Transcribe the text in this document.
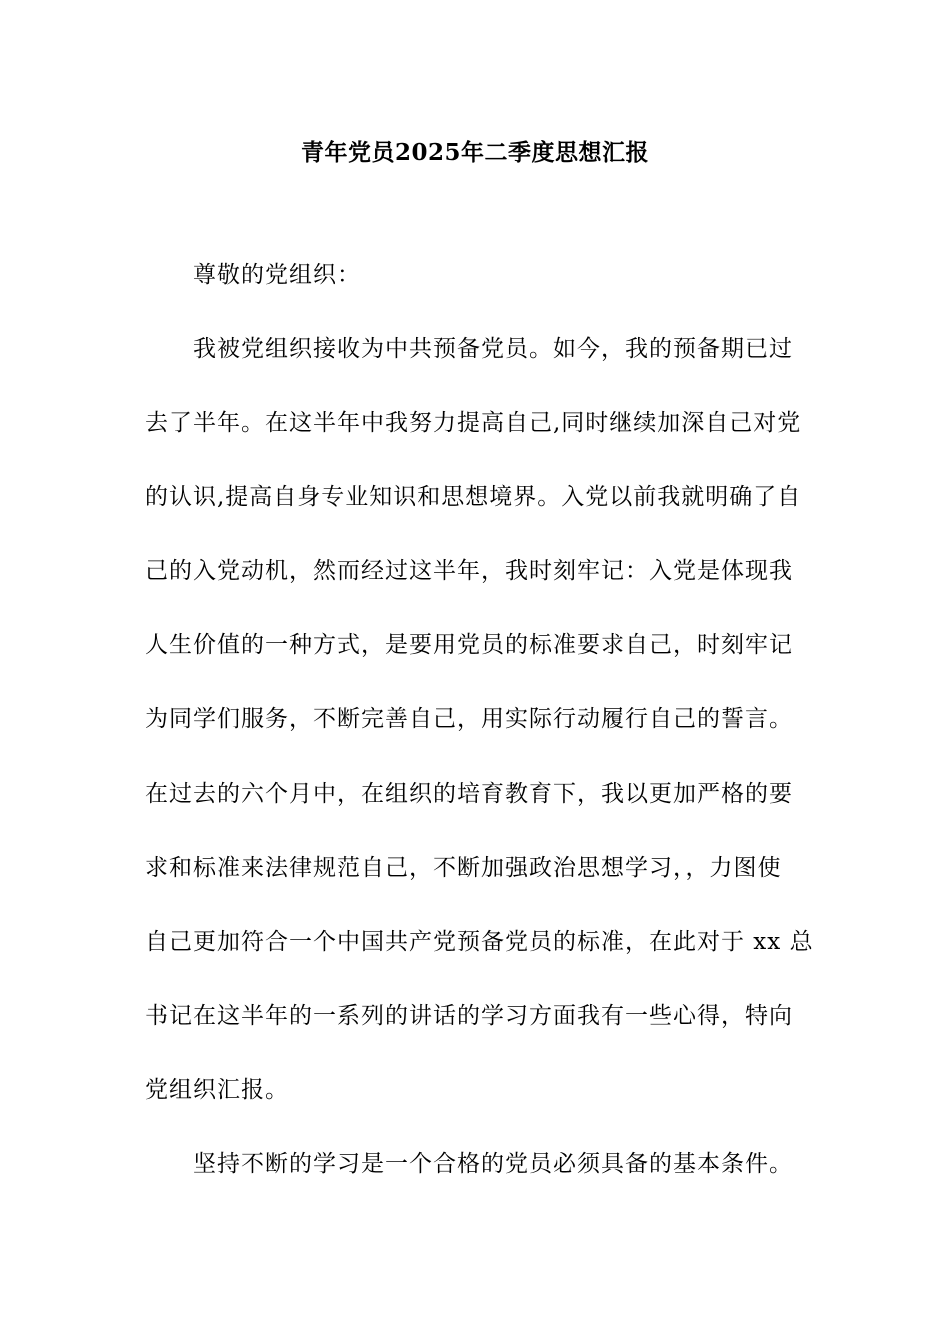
青年党员2025年二季度思想汇报
尊敬的党组织：
我被党组织接收为中共预备党员。如今，我的预备期已过
去了半年。在这半年中我努力提高自己,同时继续加深自己对党
的认识,提高自身专业知识和思想境界。入党以前我就明确了自
己的入党动机，然而经过这半年，我时刻牢记：入党是体现我
人生价值的一种方式，是要用党员的标准要求自己，时刻牢记
为同学们服务，不断完善自己，用实际行动履行自己的誓言。
在过去的六个月中，在组织的培育教育下，我以更加严格的要
求和标准来法律规范自己，不断加强政治思想学习，，力图使
自己更加符合一个中国共产党预备党员的标准，在此对于 xx 总
书记在这半年的一系列的讲话的学习方面我有一些心得，特向
党组织汇报。
坚持不断的学习是一个合格的党员必须具备的基本条件。
